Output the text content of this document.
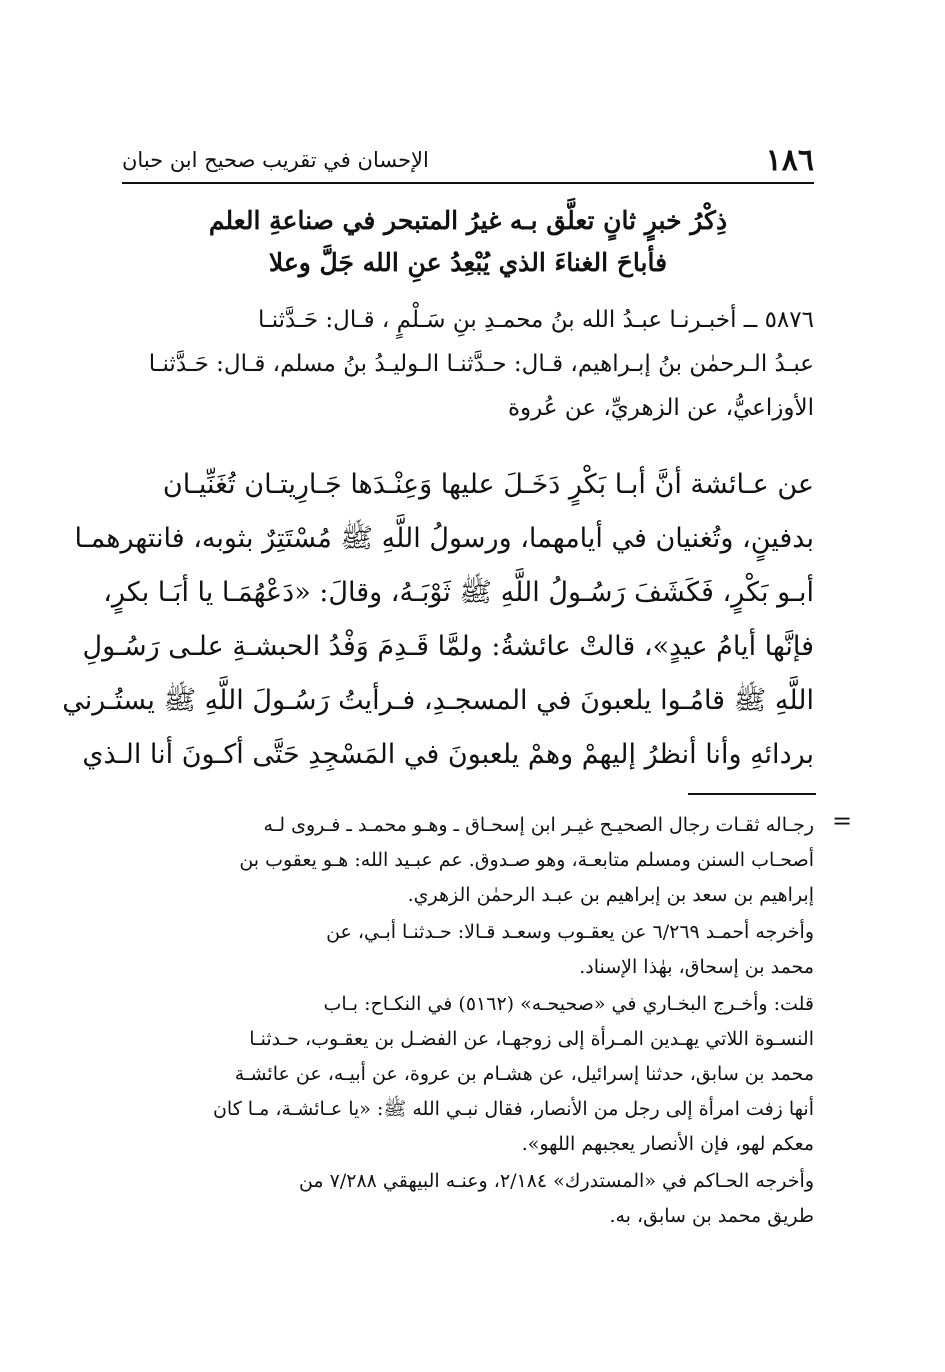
١٨٦
الإحسان في تقريب صحيح ابن حبان
ذِكْرُ خبرٍ ثانٍ تعلَّق بـه غيرُ المتبحر في صناعةِ العلم
فأباحَ الغناءَ الذي يُبْعِدُ عنِ الله جَلَّ وعلا
٥٨٧٦ ــ أخبـرنـا عبـدُ الله بنُ محمـدِ بنِ سَـلْمٍ ، قـال: حَـدَّثنـا
عبـدُ الـرحمٰن بنُ إبـراهيم، قـال: حـدَّثنـا الـوليـدُ بنُ مسلم، قـال: حَـدَّثنـا
الأوزاعيُّ، عن الزهريِّ، عن عُروة
عن عـائشة أنَّ أبـا بَكْرٍ دَخَـلَ عليها وَعِنْـدَها جَـارِيتـان تُغَنِّيـان
بدفينٍ، وتُغنيان في أيامهما، ورسولُ اللَّهِ ﷺ مُسْتَتِرٌ بثوبه، فانتهرهمـا
أبـو بَكْرٍ، فَكَشَفَ رَسُـولُ اللَّهِ ﷺ ثَوْبَـهُ، وقالَ: «دَعْهُمَـا يا أبَـا بكرٍ،
فإنَّها أيامُ عيدٍ»، قالتْ عائشةُ: ولمَّا قَـدِمَ وَفْدُ الحبشـةِ علـى رَسُـولِ
اللَّهِ ﷺ قامُـوا يلعبونَ في المسجـدِ، فـرأيتُ رَسُـولَ اللَّهِ ﷺ يستُـرني
بردائهِ وأنا أنظرُ إليهمْ وهمْ يلعبونَ في المَسْجِدِ حَتَّى أكـونَ أنا الـذي
=
رجـاله ثقـات رجال الصحيـح غيـر ابن إسحـاق ـ وهـو محمـد ـ فـروى لـه
أصحـاب السنن ومسلم متابعـة، وهو صـدوق. عم عبـيد الله: هـو يعقوب بن
إبراهيم بن سعد بن إبراهيم بن عبـد الرحمٰن الزهري.
وأخرجه أحمـد ٦/٢٦٩ عن يعقـوب وسعـد قـالا: حـدثنـا أبـي، عن
محمد بن إسحاق، بهٰذا الإسناد.
قلت: وأخـرج البخـاري في «صحيحـه» (٥١٦٢) في النكـاح: بـاب
النسـوة اللاتي يهـدين المـرأة إلى زوجهـا، عن الفضـل بن يعقـوب، حـدثنـا
محمد بن سابق، حدثنا إسرائيل، عن هشـام بن عروة، عن أبيـه، عن عائشـة
أنها زفت امرأة إلى رجل من الأنصار، فقال نبـي الله ﷺ: «يا عـائشـة، مـا كان
معكم لهو، فإن الأنصار يعجبهم اللهو».
وأخرجه الحـاكم في «المستدرك» ٢/١٨٤، وعنـه البيهقي ٧/٢٨٨ من
طريق محمد بن سابق، به.
